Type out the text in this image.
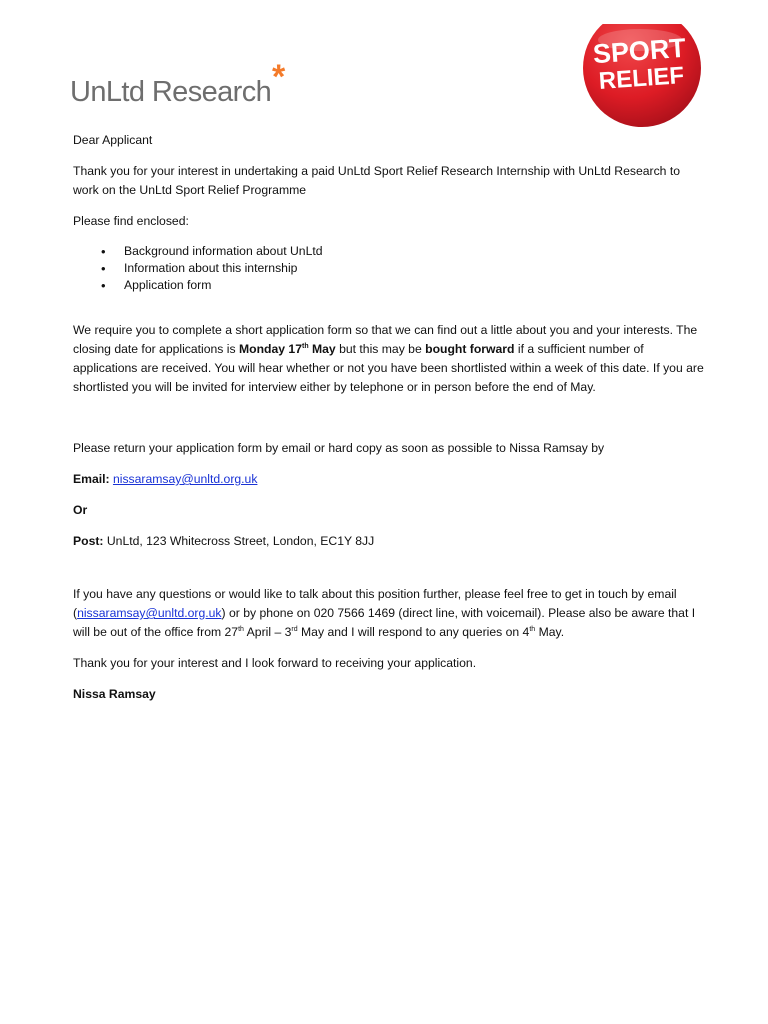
UnLtd Research *
SPORT
RELIEF

Dear Applicant

Thank you for your interest in undertaking a paid UnLtd Sport Relief Research Internship with UnLtd Research to work on the UnLtd Sport Relief Programme

Please find enclosed:

• Background information about UnLtd
• Information about this internship
• Application form

We require you to complete a short application form so that we can find out a little about you and your interests. The closing date for applications is Monday 17th May but this may be bought forward if a sufficient number of applications are received. You will hear whether or not you have been shortlisted within a week of this date. If you are shortlisted you will be invited for interview either by telephone or in person before the end of May.

Please return your application form by email or hard copy as soon as possible to Nissa Ramsay by

Email: nissaramsay@unltd.org.uk

Or

Post: UnLtd, 123 Whitecross Street, London, EC1Y 8JJ

If you have any questions or would like to talk about this position further, please feel free to get in touch by email (nissaramsay@unltd.org.uk) or by phone on 020 7566 1469 (direct line, with voicemail). Please also be aware that I will be out of the office from 27th April – 3rd May and I will respond to any queries on 4th May.

Thank you for your interest and I look forward to receiving your application.

Nissa Ramsay
